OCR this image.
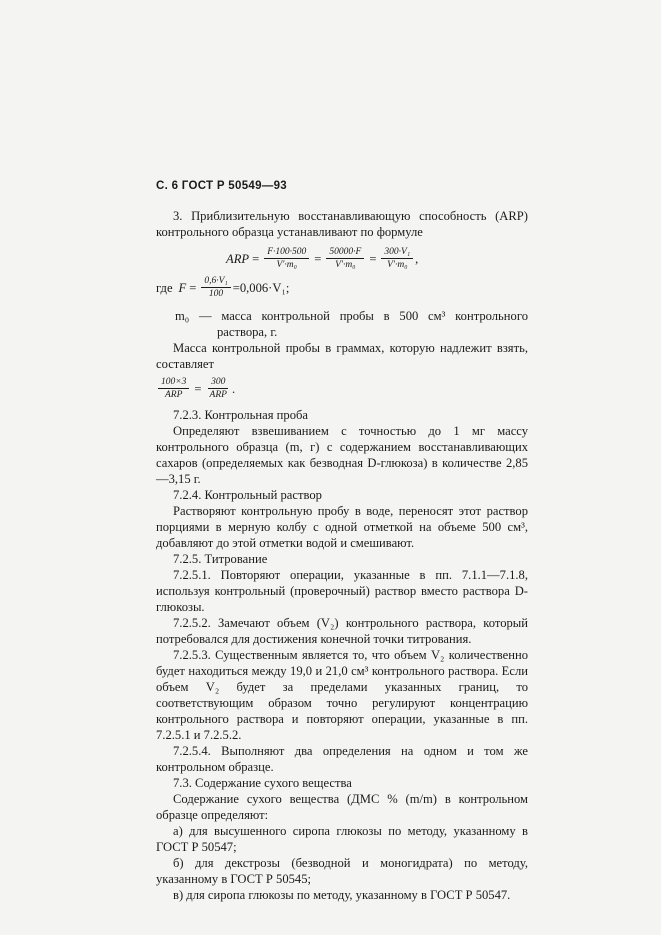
С. 6 ГОСТ Р 50549—93

3. Приблизительную восстанавливающую способность (ARP) контрольного образца устанавливают по формуле

ARP = $\frac{F\cdot 100\cdot 500}{\text{V′·m₀}} = \frac{50000\cdot F}{\text{V′·m₀}} = \frac{\text{300·V₁}}{\text{V′·m₀}}$ ,
где $F = \frac{\text{0,6·V₁}}{100} =0,006\cdot V_1$;

m₀ — масса контрольной пробы в 500 см³ контрольного раствора, г.

Масса контрольной пробы в граммах, которую надлежит взять, составляет

$\frac{100\times 3}{\text{ARP}} = \frac{300}{\text{ARP}}$ .

7.2.3. Контрольная проба

Определяют взвешиванием с точностью до 1 мг массу контрольного образца (m, г) с содержанием восстанавливающих сахаров (определяемых как безводная D-глюкоза) в количестве 2,85—3,15 г.

7.2.4. Контрольный раствор

Растворяют контрольную пробу в воде, переносят этот раствор порциями в мерную колбу с одной отметкой на объеме 500 см³, добавляют до этой отметки водой и смешивают.

7.2.5. Титрование

7.2.5.1. Повторяют операции, указанные в пп. 7.1.1—7.1.8, используя контрольный (проверочный) раствор вместо раствора D-глюкозы.

7.2.5.2. Замечают объем (V₂) контрольного раствора, который потребовался для достижения конечной точки титрования.

7.2.5.3. Существенным является то, что объем V₂ количественно будет находиться между 19,0 и 21,0 см³ контрольного раствора. Если объем V₂ будет за пределами указанных границ, то соответствующим образом точно регулируют концентрацию контрольного раствора и повторяют операции, указанные в пп. 7.2.5.1 и 7.2.5.2.

7.2.5.4. Выполняют два определения на одном и том же контрольном образце.

7.3. Содержание сухого вещества

Содержание сухого вещества (ДМС % (m/m) в контрольном образце определяют:

а) для высушенного сиропа глюкозы по методу, указанному в ГОСТ Р 50547;

б) для декстрозы (безводной и моногидрата) по методу, указанному в ГОСТ Р 50545;

в) для сиропа глюкозы по методу, указанному в ГОСТ Р 50547.
